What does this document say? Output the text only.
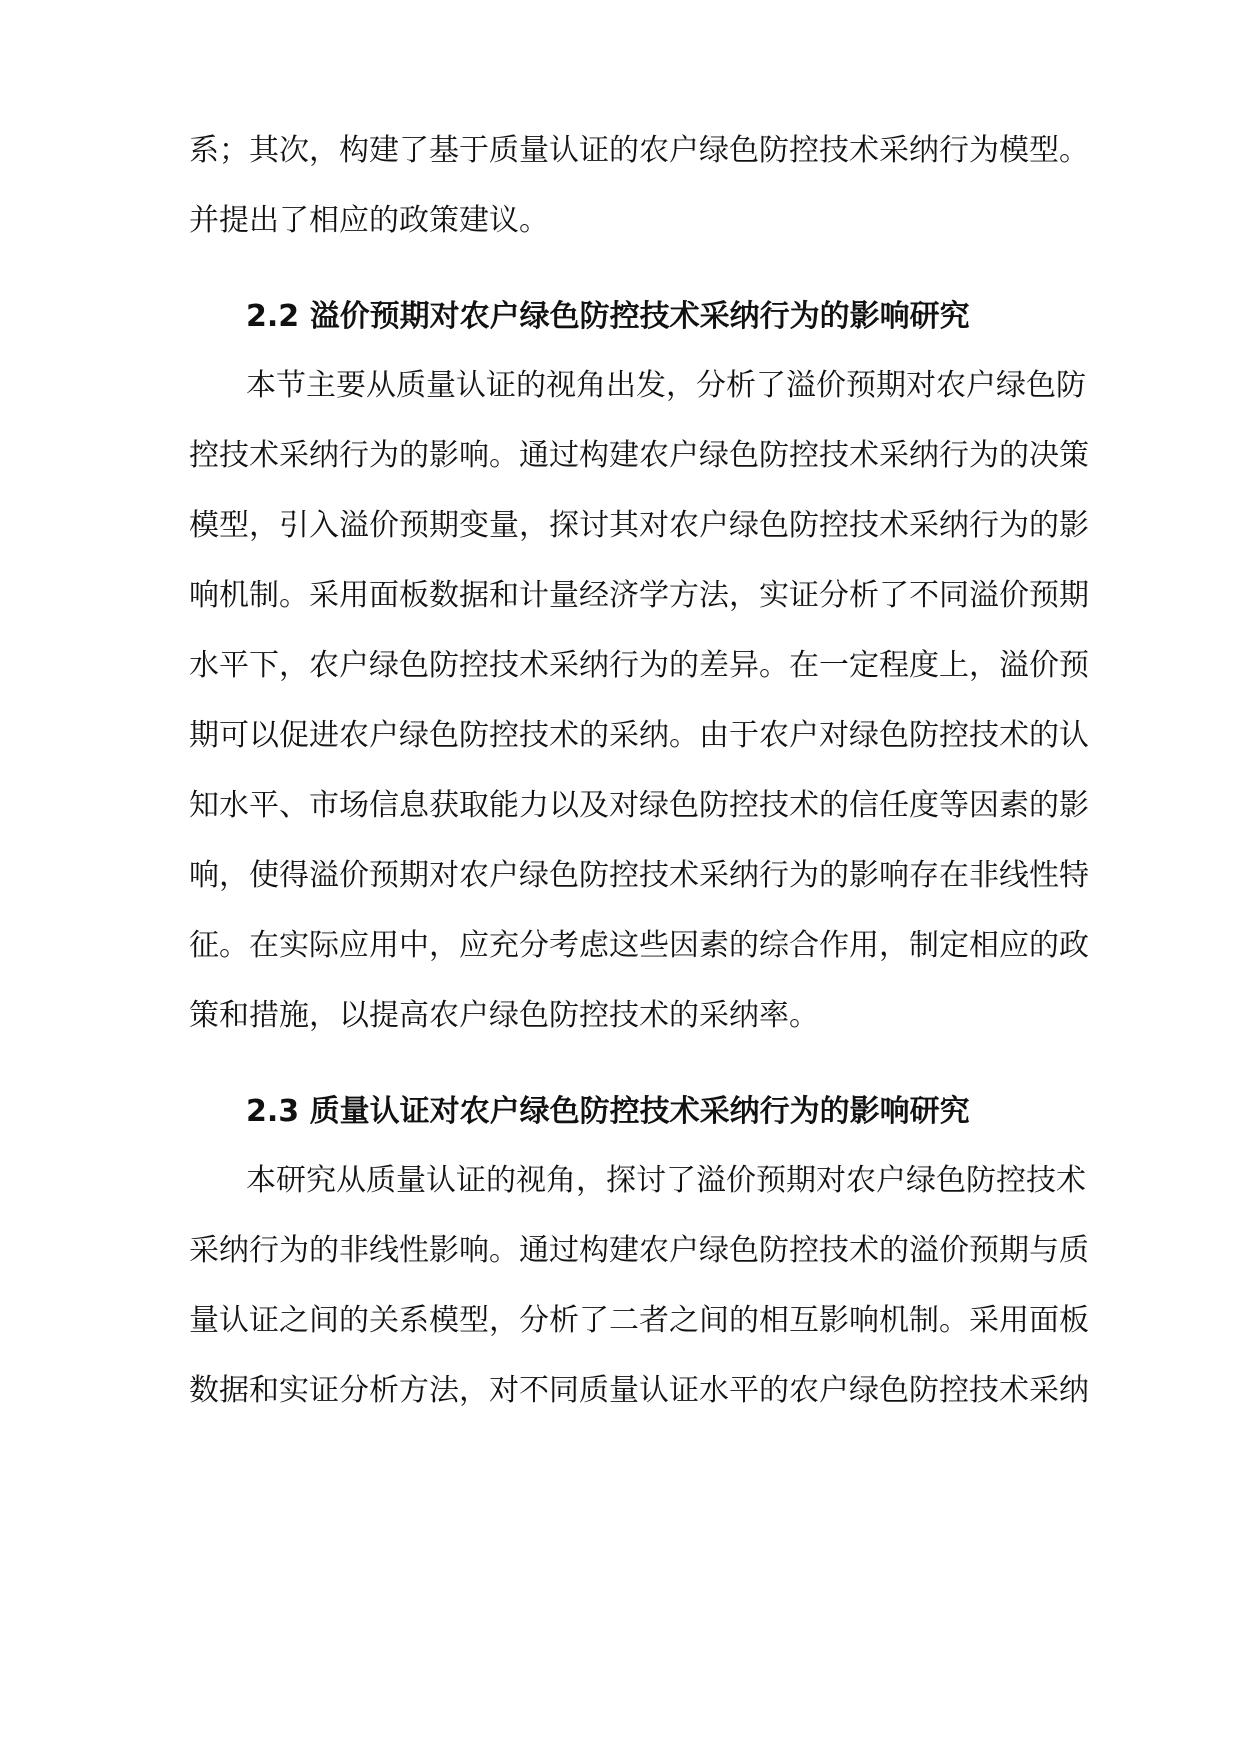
系；其次，构建了基于质量认证的农户绿色防控技术采纳行为模型。
并提出了相应的政策建议。
2.2 溢价预期对农户绿色防控技术采纳行为的影响研究
本节主要从质量认证的视角出发，分析了溢价预期对农户绿色防
控技术采纳行为的影响。通过构建农户绿色防控技术采纳行为的决策
模型，引入溢价预期变量，探讨其对农户绿色防控技术采纳行为的影
响机制。采用面板数据和计量经济学方法，实证分析了不同溢价预期
水平下，农户绿色防控技术采纳行为的差异。在一定程度上，溢价预
期可以促进农户绿色防控技术的采纳。由于农户对绿色防控技术的认
知水平、市场信息获取能力以及对绿色防控技术的信任度等因素的影
响，使得溢价预期对农户绿色防控技术采纳行为的影响存在非线性特
征。在实际应用中，应充分考虑这些因素的综合作用，制定相应的政
策和措施，以提高农户绿色防控技术的采纳率。
2.3 质量认证对农户绿色防控技术采纳行为的影响研究
本研究从质量认证的视角，探讨了溢价预期对农户绿色防控技术
采纳行为的非线性影响。通过构建农户绿色防控技术的溢价预期与质
量认证之间的关系模型，分析了二者之间的相互影响机制。采用面板
数据和实证分析方法，对不同质量认证水平的农户绿色防控技术采纳
